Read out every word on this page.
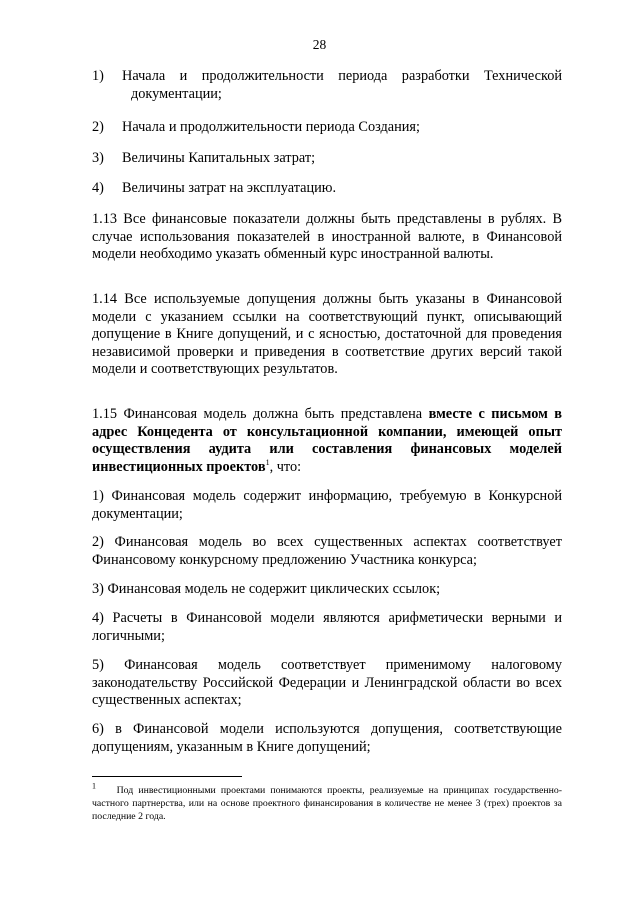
28
1)	Начала и продолжительности периода разработки Технической
документации;
2)	Начала и продолжительности периода Создания;
3)	Величины Капитальных затрат;
4)	Величины затрат на эксплуатацию.
1.13 Все финансовые показатели должны быть представлены в рублях. В случае использования показателей в иностранной валюте, в Финансовой модели необходимо указать обменный курс иностранной валюты.
1.14 Все используемые допущения должны быть указаны в Финансовой модели с указанием ссылки на соответствующий пункт, описывающий допущение в Книге допущений, и с ясностью, достаточной для проведения независимой проверки и приведения в соответствие других версий такой модели и соответствующих результатов.
1.15 Финансовая модель должна быть представлена вместе с письмом в адрес Концедента от консультационной компании, имеющей опыт осуществления аудита или составления финансовых моделей инвестиционных проектов$^1$, что:
1) Финансовая модель содержит информацию, требуемую в Конкурсной документации;
2) Финансовая модель во всех существенных аспектах соответствует Финансовому конкурсному предложению Участника конкурса;
3) Финансовая модель не содержит циклических ссылок;
4) Расчеты в Финансовой модели являются арифметически верными и логичными;
5) Финансовая модель соответствует применимому налоговому законодательству Российской Федерации и Ленинградской области во всех существенных аспектах;
6) в Финансовой модели используются допущения, соответствующие допущениям, указанным в Книге допущений;
$^1$ Под инвестиционными проектами понимаются проекты, реализуемые на принципах государственно-частного партнерства, или на основе проектного финансирования в количестве не менее 3 (трех) проектов за последние 2 года.
